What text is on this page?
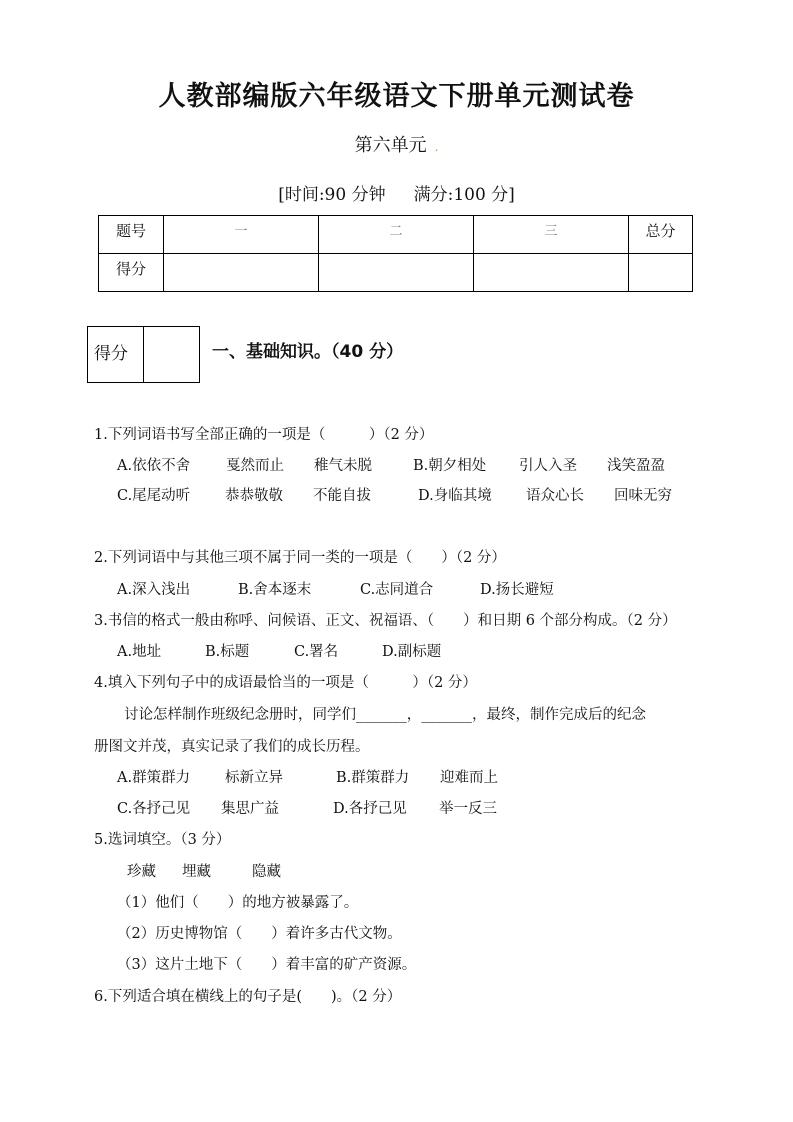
人教部编版六年级语文下册单元测试卷
第六单元 .
[时间:90 分钟 满分:100 分]
题号	一	二	三	总分
得分				
得分		一、基础知识。（40 分）
1.下列词语书写全部正确的一项是（　　　）（2 分）
A.依依不舍 戛然而止 稚气未脱	B.朝夕相处 引人入圣 浅笑盈盈
C.尾尾动听 恭恭敬敬 不能自拔	D.身临其境 语众心长 回味无穷
2.下列词语中与其他三项不属于同一类的一项是（　　）（2 分）
A.深入浅出	B.舍本逐末	C.志同道合	D.扬长避短
3.书信的格式一般由称呼、问候语、正文、祝福语、（　　）和日期 6 个部分构成。（2 分）
A.地址	B.标题	C.署名	D.副标题
4.填入下列句子中的成语最恰当的一项是（　　　）（2 分）
讨论怎样制作班级纪念册时，同学们_______，_______，最终，制作完成后的纪念
册图文并茂，真实记录了我们的成长历程。
A.群策群力 标新立异	B.群策群力 迎难而上
C.各抒己见 集思广益	D.各抒己见 举一反三
5.选词填空。（3 分）
珍藏 埋藏	隐藏
（1）他们（　　）的地方被暴露了。
（2）历史博物馆（　　）着许多古代文物。
（3）这片土地下（　　）着丰富的矿产资源。
6.下列适合填在横线上的句子是(　　)。（2 分）
